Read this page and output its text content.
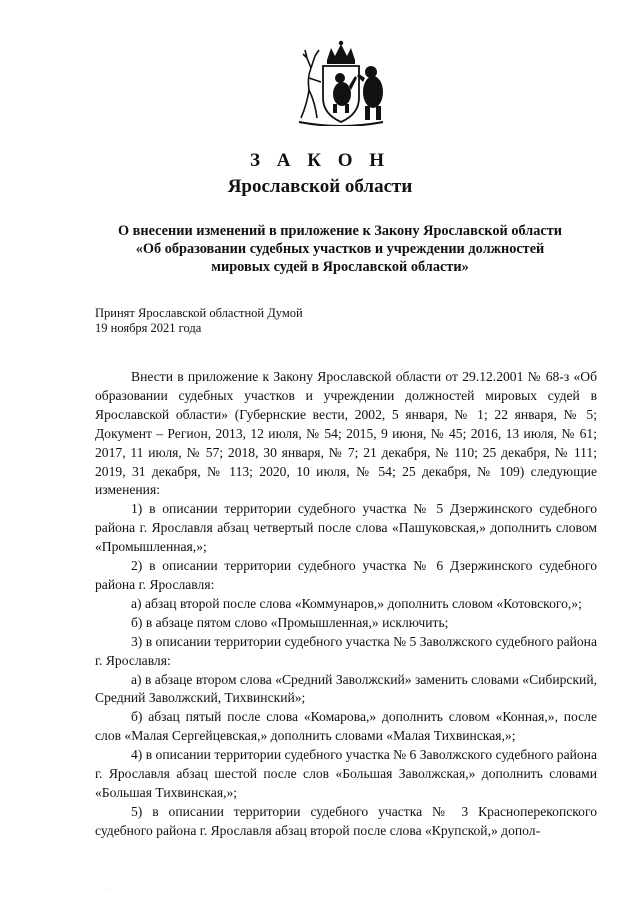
З А К О Н
Ярославской области
О внесении изменений в приложение к Закону Ярославской области
«Об образовании судебных участков и учреждении должностей
мировых судей в Ярославской области»
Принят Ярославской областной Думой
19 ноября 2021 года

Внести в приложение к Закону Ярославской области от 29.12.2001 № 68-з «Об образовании судебных участков и учреждении должностей мировых судей в Ярославской области» (Губернские вести, 2002, 5 января, № 1; 22 января, № 5; Документ – Регион, 2013, 12 июля, № 54; 2015, 9 июня, № 45; 2016, 13 июля, № 61; 2017, 11 июля, № 57; 2018, 30 января, № 7; 21 декабря, № 110; 25 декабря, № 111; 2019, 31 декабря, № 113; 2020, 10 июля, № 54; 25 декабря, № 109) следующие изменения:

1) в описании территории судебного участка № 5 Дзержинского судебного района г. Ярославля абзац четвертый после слова «Пашуковская,» дополнить словом «Промышленная,»;

2) в описании территории судебного участка № 6 Дзержинского судебного района г. Ярославля:

а) абзац второй после слова «Коммунаров,» дополнить словом «Котовского,»;

б) в абзаце пятом слово «Промышленная,» исключить;

3) в описании территории судебного участка № 5 Заволжского судебного района г. Ярославля:

а) в абзаце втором слова «Средний Заволжский» заменить словами «Сибирский, Средний Заволжский, Тихвинский»;

б) абзац пятый после слова «Комарова,» дополнить словом «Конная,», после слов «Малая Сергейцевская,» дополнить словами «Малая Тихвинская,»;

4) в описании территории судебного участка № 6 Заволжского судебного района г. Ярославля абзац шестой после слов «Большая Заволжская,» дополнить словами «Большая Тихвинская,»;

5) в описании территории судебного участка № 3 Красноперекопского судебного района г. Ярославля абзац второй после слова «Крупской,» допол-

·
